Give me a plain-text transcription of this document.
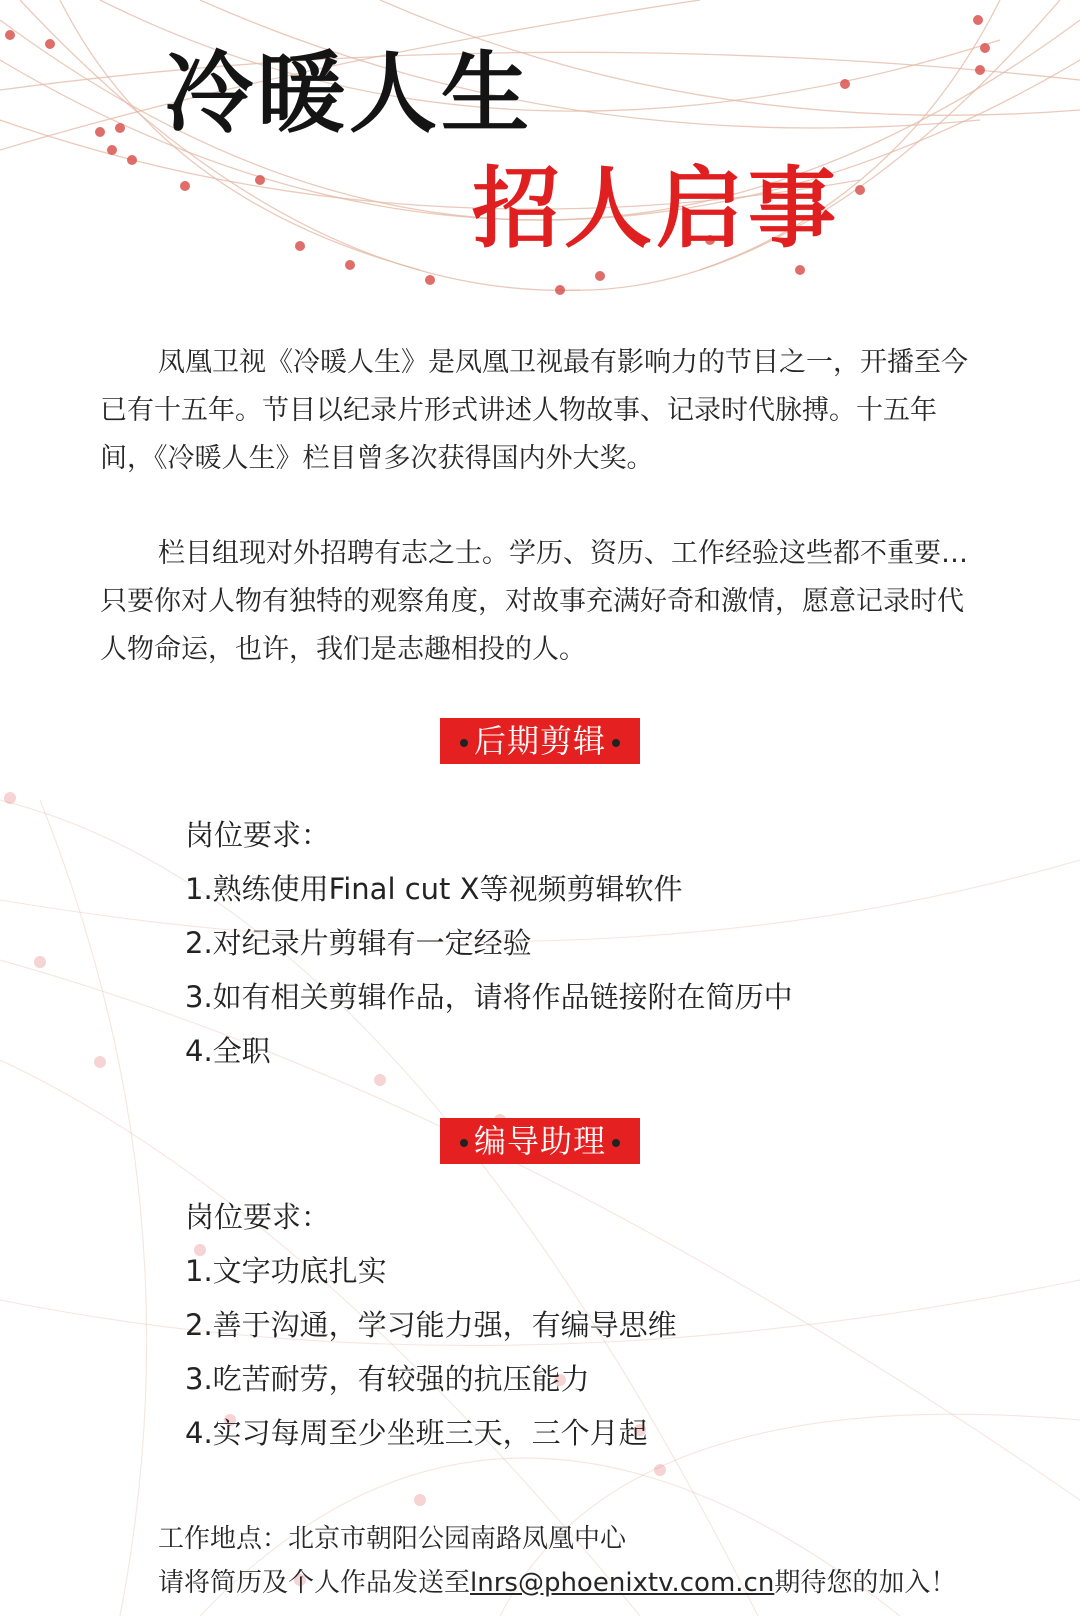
冷暖人生
招人启事
凤凰卫视《冷暖人生》是凤凰卫视最有影响力的节目之一，开播至今已有十五年。节目以纪录片形式讲述人物故事、记录时代脉搏。十五年间，《冷暖人生》栏目曾多次获得国内外大奖。
栏目组现对外招聘有志之士。学历、资历、工作经验这些都不重要…只要你对人物有独特的观察角度，对故事充满好奇和激情，愿意记录时代人物命运，也许，我们是志趣相投的人。
后期剪辑
岗位要求：
1.熟练使用Final cut X等视频剪辑软件
2.对纪录片剪辑有一定经验
3.如有相关剪辑作品，请将作品链接附在简历中
4.全职
编导助理
岗位要求：
1.文字功底扎实
2.善于沟通，学习能力强，有编导思维
3.吃苦耐劳，有较强的抗压能力
4.实习每周至少坐班三天，三个月起
工作地点：北京市朝阳公园南路凤凰中心
请将简历及个人作品发送至lnrs@phoenixtv.com.cn期待您的加入！
